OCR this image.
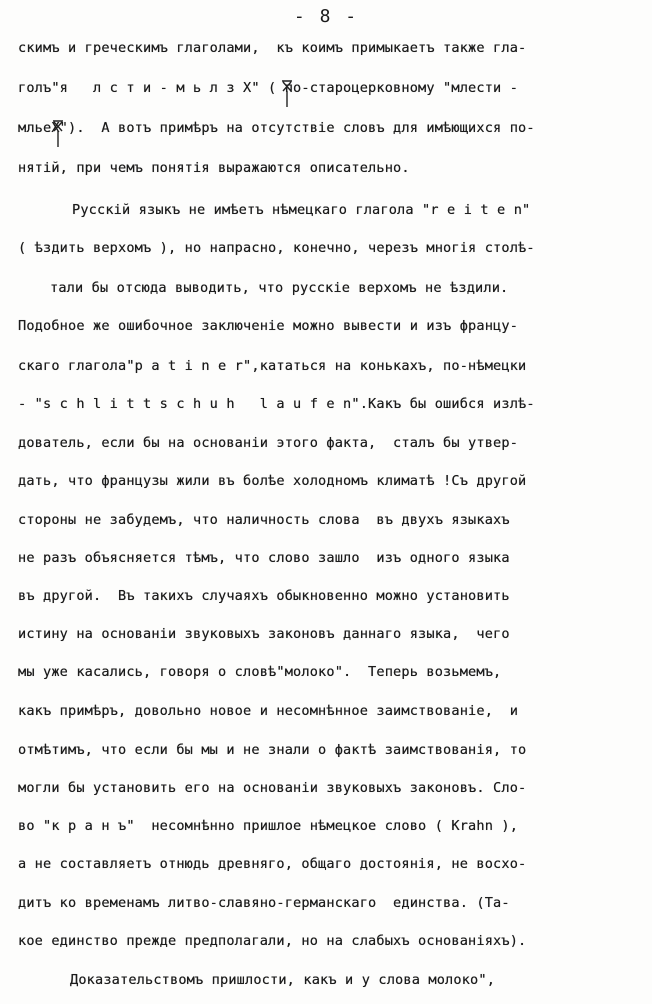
- 8 -
скимъ и греческимъ глаголами,  къ коимъ примыкаетъ также глa-
голъ"я   л с т и - м ь л з X" ( по-староцерковному "млести -
мльеX").  А вотъ примѣръ на отсутствіе словъ для имѣющихся по-
нятій, при чемъ понятія выражаются описательно.
Русскій языкъ не имѣетъ нѣмецкаго глагола "r e i t e n"
( ѣздить верхомъ ), но напрасно, конечно, черезъ многія столѣ-
тали бы отсюда выводить, что русскіе верхомъ не ѣздили.
Подобное же ошибочное заключеніе можно вывести и изъ францу-
скаго глагола"p a t i n e r",кататься на конькахъ, по-нѣмецки
- "s c h l i t t s c h u h   l a u f e n".Какъ бы ошибся излѣ-
дователь, если бы на основаніи этого факта,  сталъ бы утвер-
дать, что французы жили въ болѣе холодномъ климатѣ !Съ другой
стороны не забудемъ, что наличность слова  въ двухъ языкахъ
не разъ объясняется тѣмъ, что слово зашло  изъ одного языка
въ другой.  Въ такихъ случаяхъ обыкновенно можно установить
истину на основаніи звуковыхъ законовъ даннаго языка,  чего
мы уже касались, говоря о словѣ"молоко".  Теперь возьмемъ,
какъ примѣръ, довольно новое и несомнѣнное заимствованіе,  и
отмѣтимъ, что если бы мы и не знали о фактѣ заимствованія, то
могли бы установить его на основаніи звуковыхъ законовъ. Сло-
во "к р а н ъ"  несомнѣнно пришлое нѣмецкое слово ( Krahn ),
а не составляетъ отнюдь древняго, общаго достоянія, не восхо-
дитъ ко временамъ литво-славяно-германскаго  единства. (Та-
кое единство прежде предполагали, но на слабыхъ основаніяхъ).
Доказательствомъ пришлости, какъ и у слова молоко",
